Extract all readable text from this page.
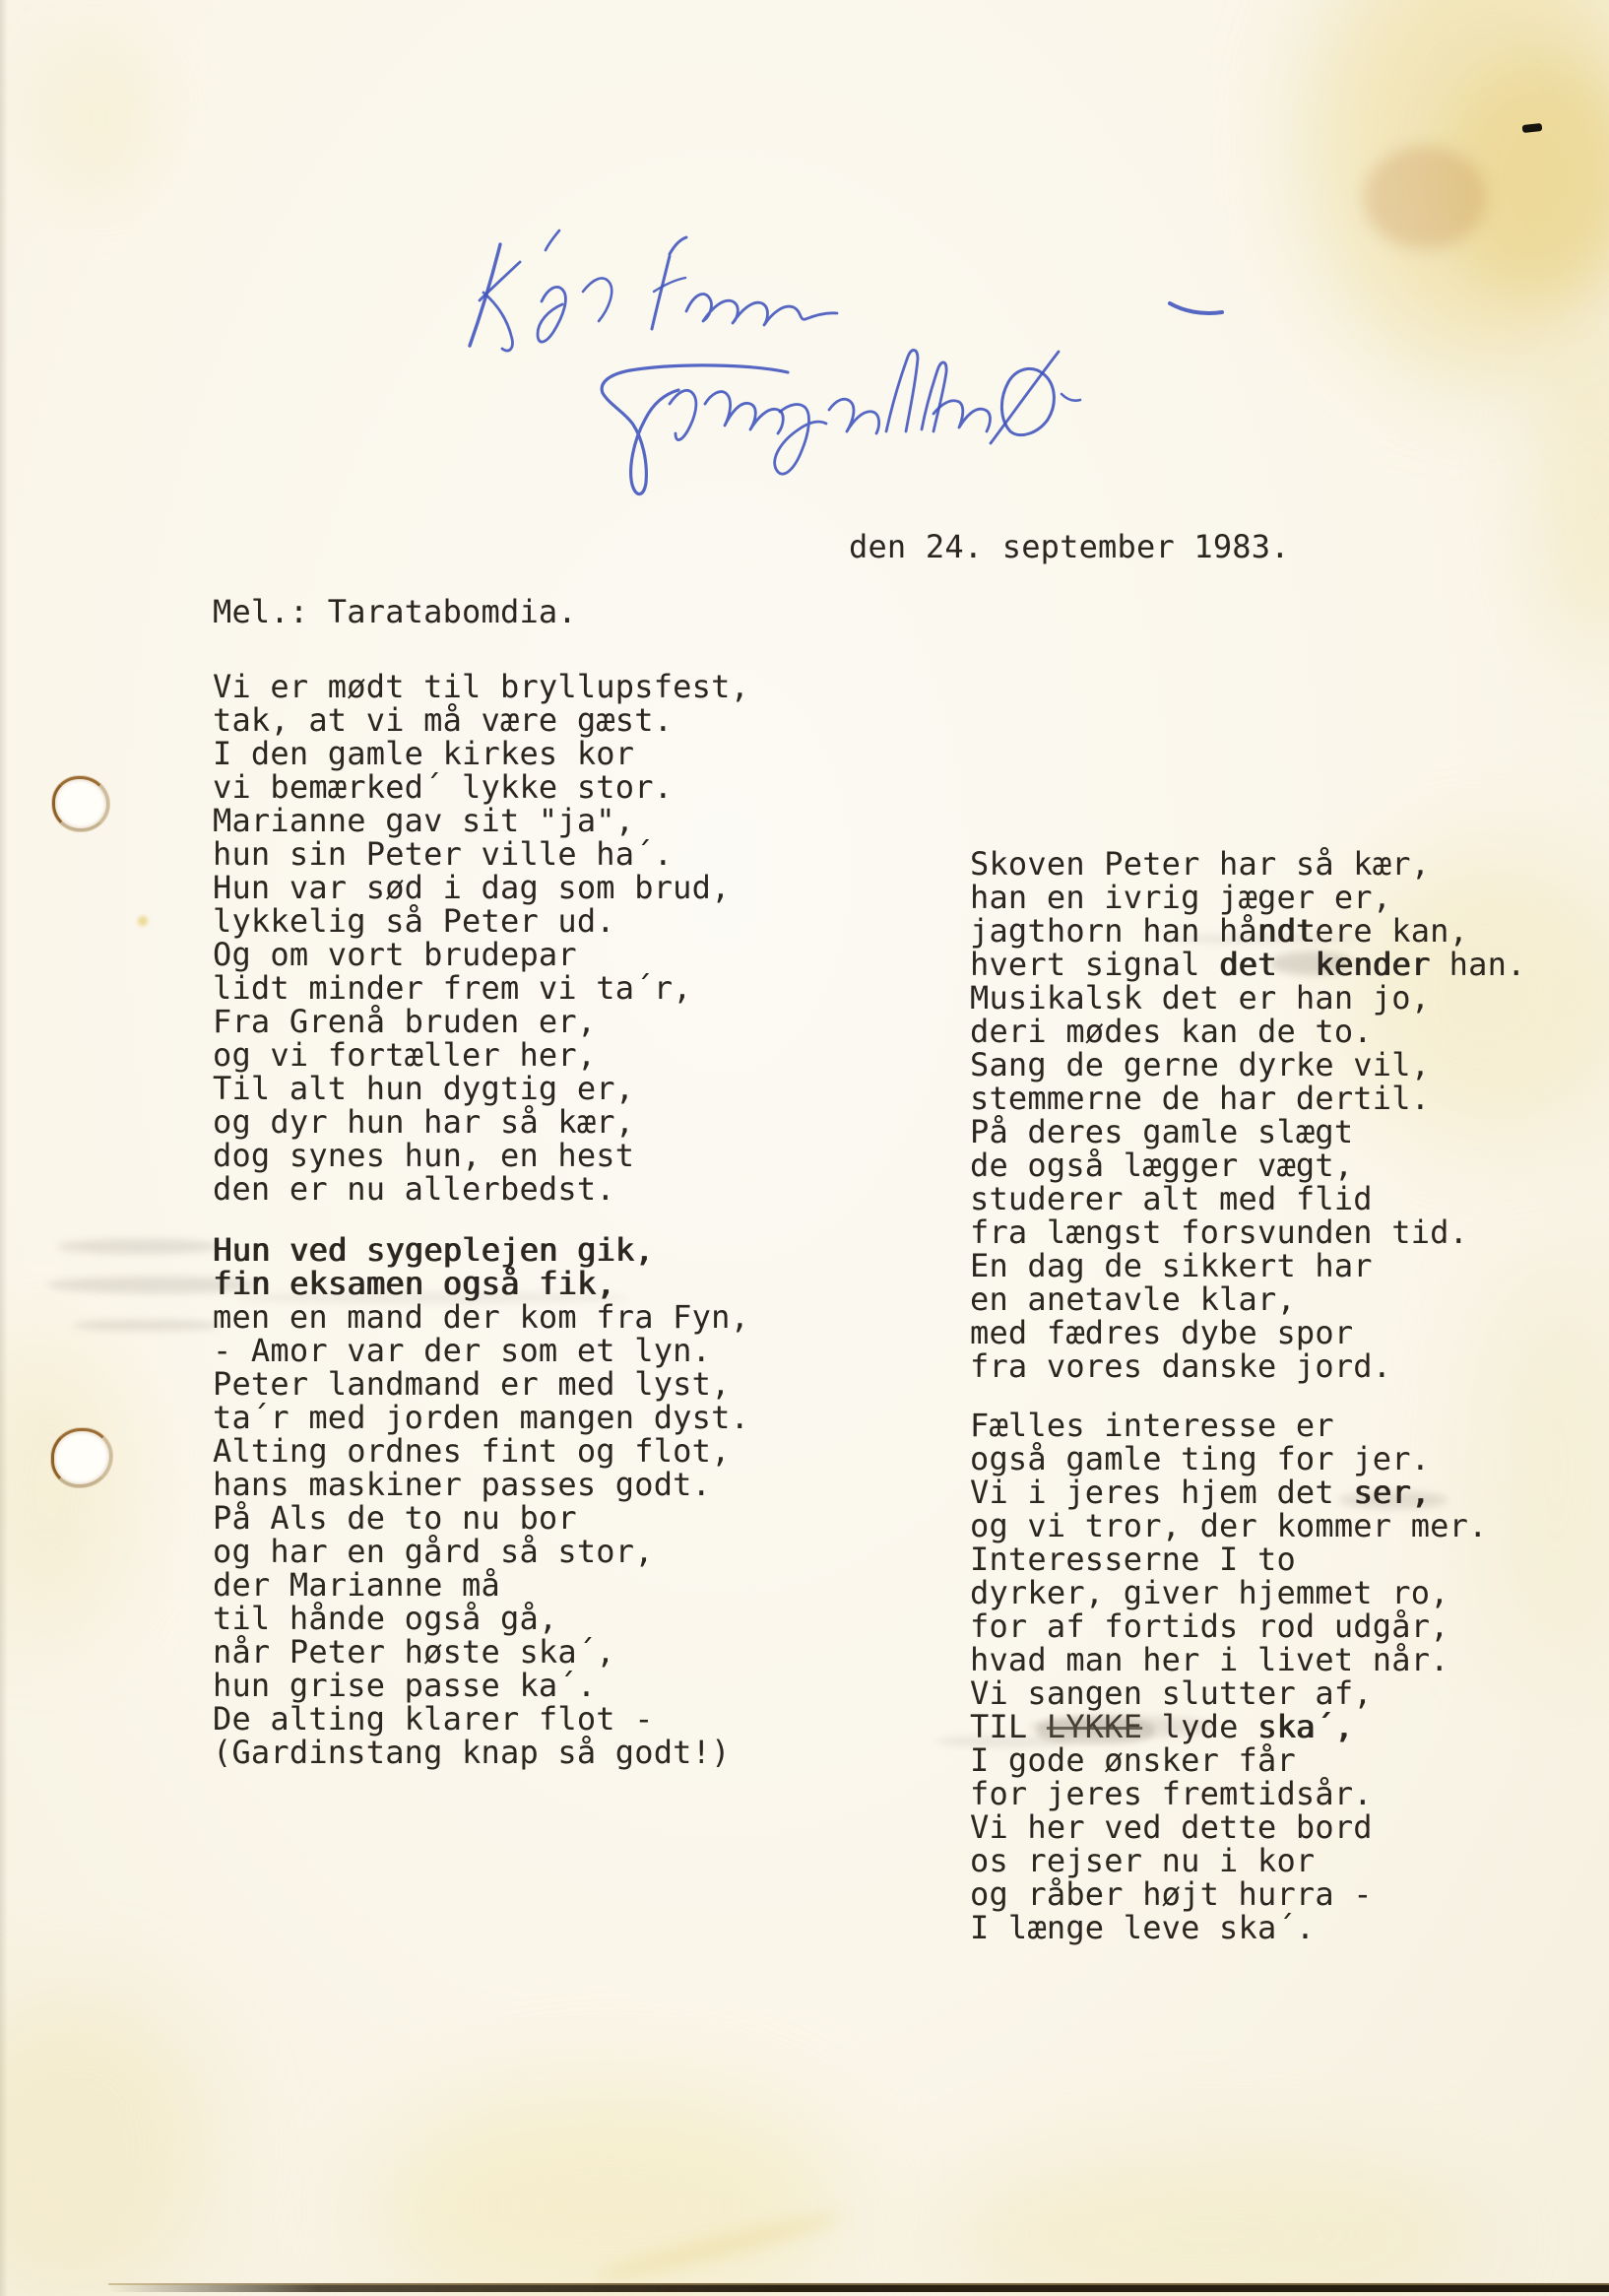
den 24. september 1983.
Mel.: Taratabomdia.
Vi er mødt til bryllupsfest,
tak, at vi må være gæst.
I den gamle kirkes kor
vi bemærked´ lykke stor.
Marianne gav sit "ja",
hun sin Peter ville ha´.
Hun var sød i dag som brud,
lykkelig så Peter ud.
Og om vort brudepar
lidt minder frem vi ta´r,
Fra Grenå bruden er,
og vi fortæller her,
Til alt hun dygtig er,
og dyr hun har så kær,
dog synes hun, en hest
den er nu allerbedst.
Hun ved sygeplejen gik,
fin eksamen også fik,
men en mand der kom fra Fyn,
- Amor var der som et lyn.
Peter landmand er med lyst,
ta´r med jorden mangen dyst.
Alting ordnes fint og flot,
hans maskiner passes godt.
På Als de to nu bor
og har en gård så stor,
der Marianne må
til hånde også gå,
når Peter høste ska´,
hun grise passe ka´.
De alting klarer flot -
(Gardinstang knap så godt!)
Skoven Peter har så kær,
han en ivrig jæger er,
jagthorn han håndtere kan,
hvert signal det kender han.
Musikalsk det er han jo,
deri mødes kan de to.
Sang de gerne dyrke vil,
stemmerne de har dertil.
På deres gamle slægt
de også lægger vægt,
studerer alt med flid
fra længst forsvunden tid.
En dag de sikkert har
en anetavle klar,
med fædres dybe spor
fra vores danske jord.
Fælles interesse er
også gamle ting for jer.
Vi i jeres hjem det ser,
og vi tror, der kommer mer.
Interesserne I to
dyrker, giver hjemmet ro,
for af fortids rod udgår,
hvad man her i livet når.
Vi sangen slutter af,
TIL LYKKE lyde ska´,
I gode ønsker får
for jeres fremtidsår.
Vi her ved dette bord
os rejser nu i kor
og råber højt hurra -
I længe leve ska´.
